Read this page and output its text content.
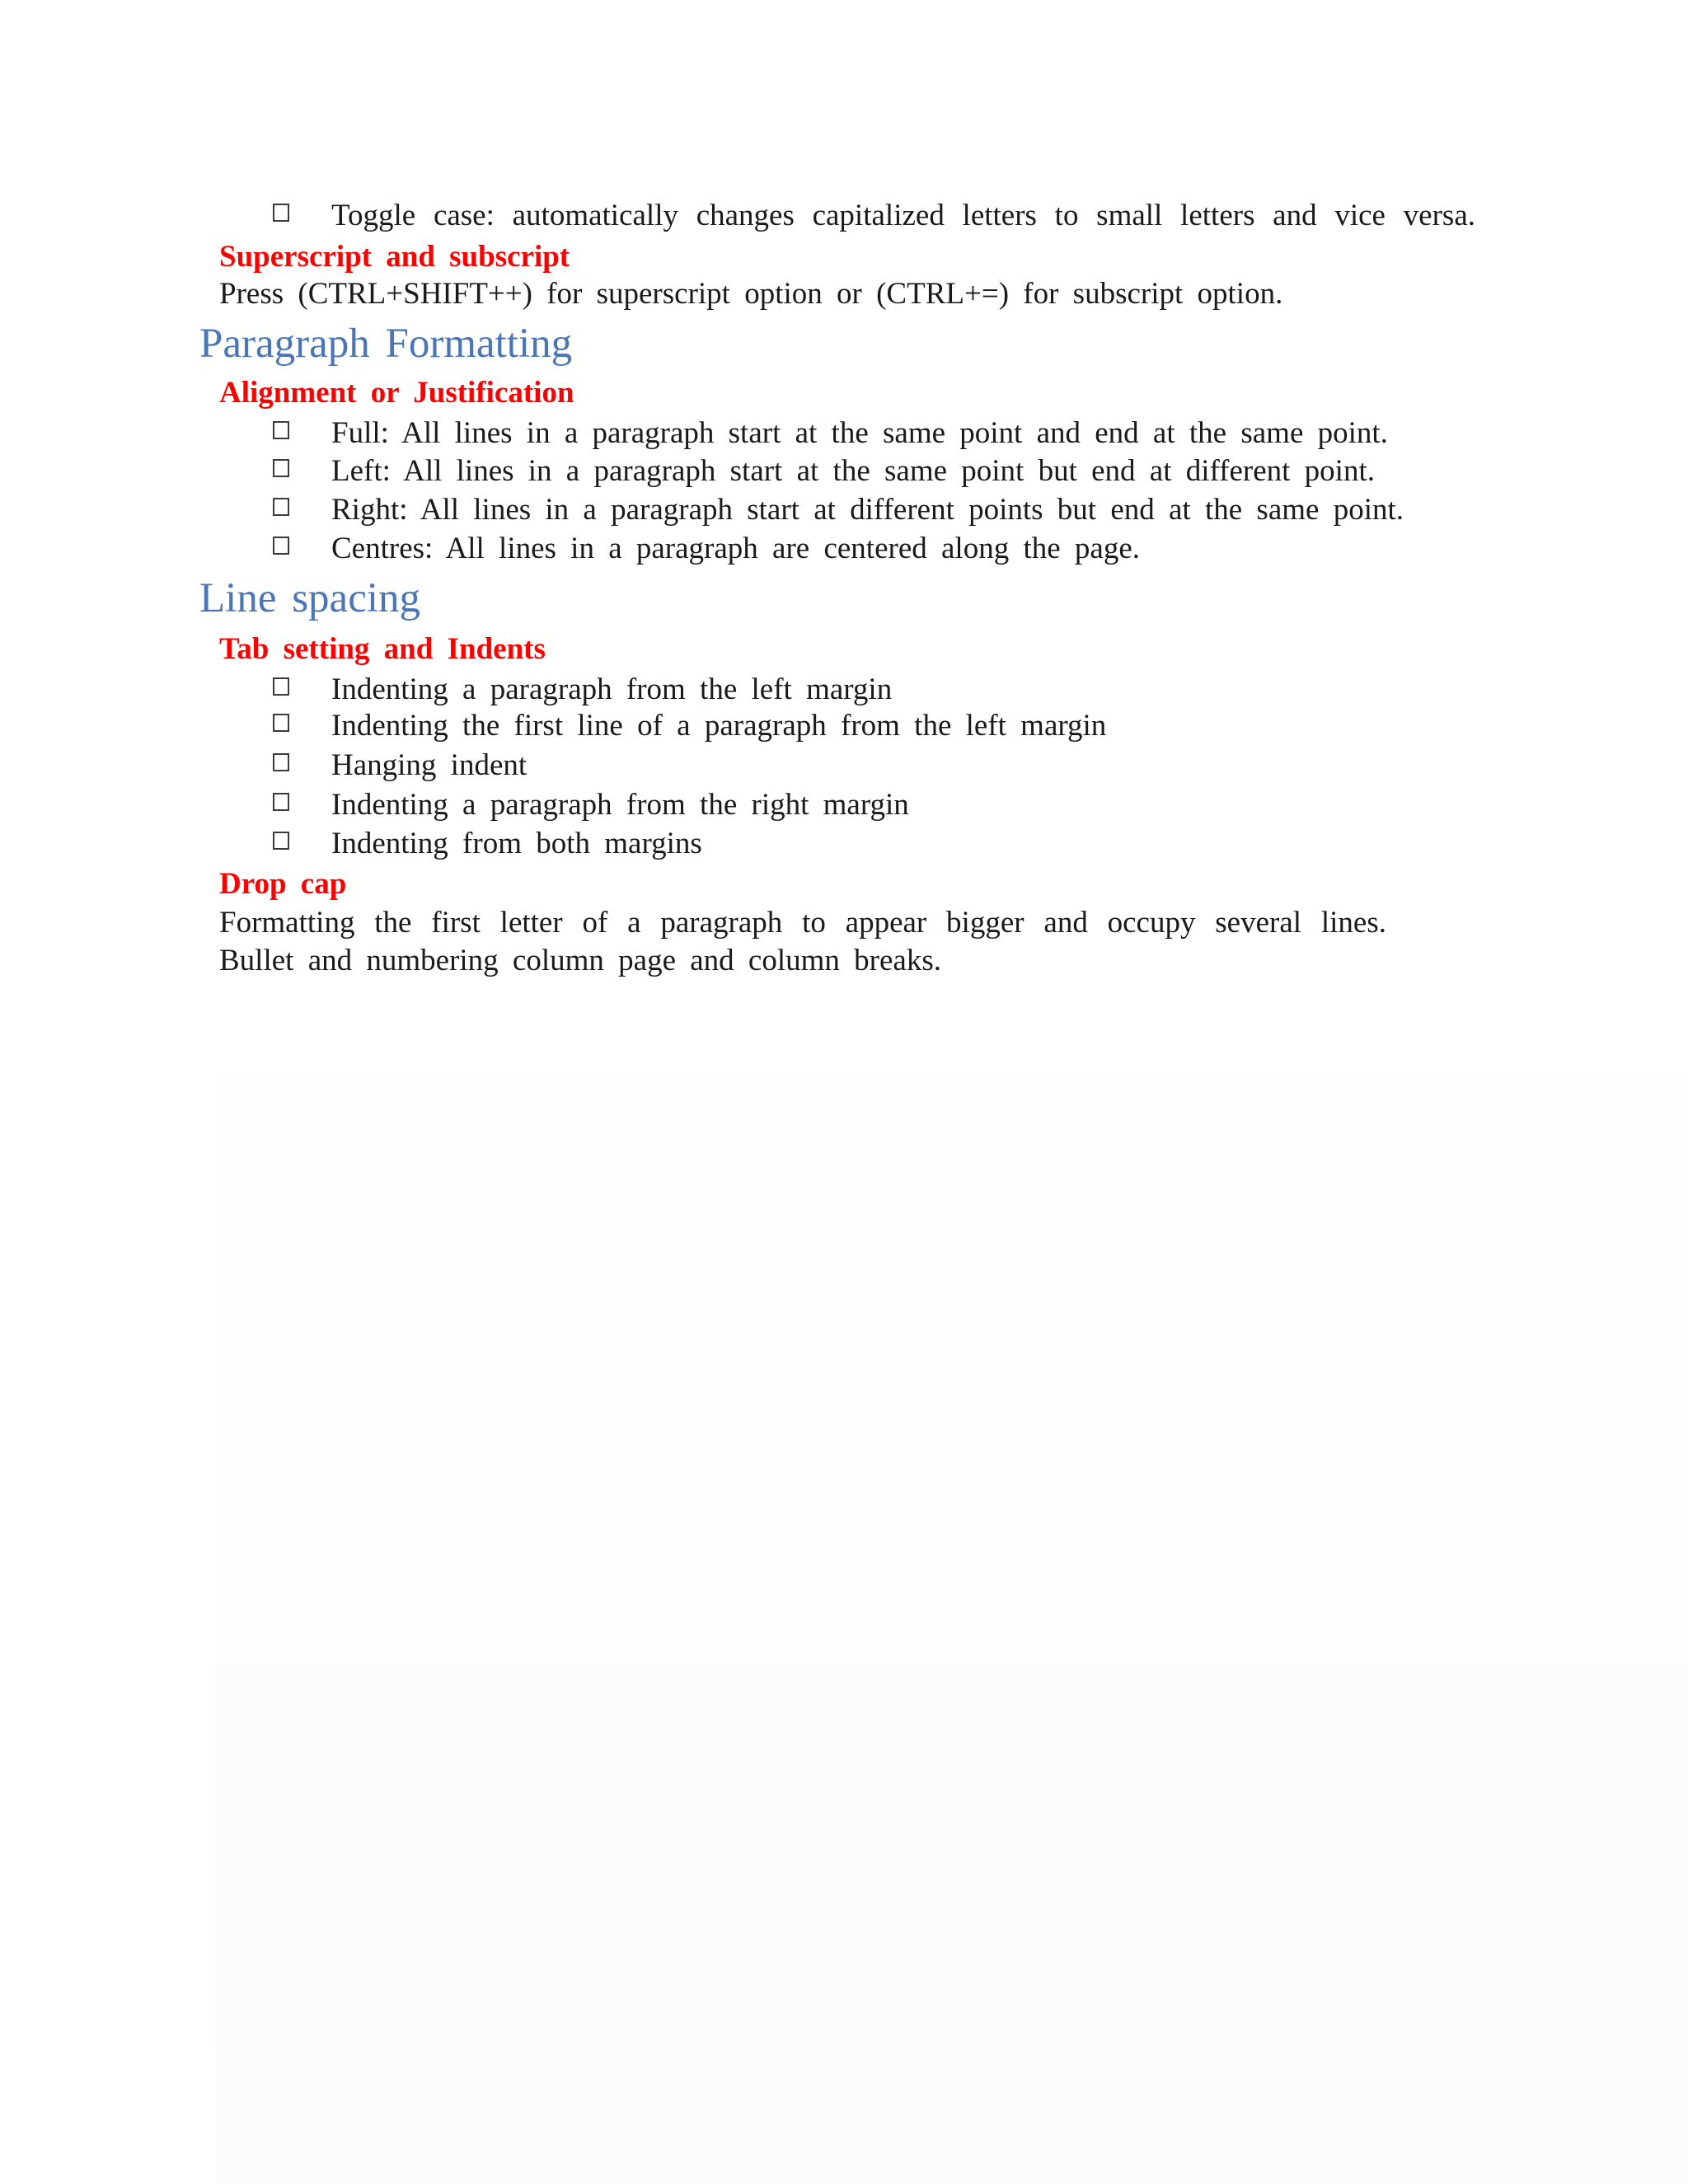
Toggle case: automatically changes capitalized letters to small letters and vice versa.
Superscript and subscript
Press (CTRL+SHIFT++) for superscript option or (CTRL+=) for subscript option.
Paragraph Formatting
Alignment or Justification
Full: All lines in a paragraph start at the same point and end at the same point.
Left: All lines in a paragraph start at the same point but end at different point.
Right: All lines in a paragraph start at different points but end at the same point.
Centres: All lines in a paragraph are centered along the page.
Line spacing
Tab setting and Indents
Indenting a paragraph from the left margin
Indenting the first line of a paragraph from the left margin
Hanging indent
Indenting a paragraph from the right margin
Indenting from both margins
Drop cap
Formatting the first letter of a paragraph to appear bigger and occupy several lines.
Bullet and numbering column page and column breaks.
